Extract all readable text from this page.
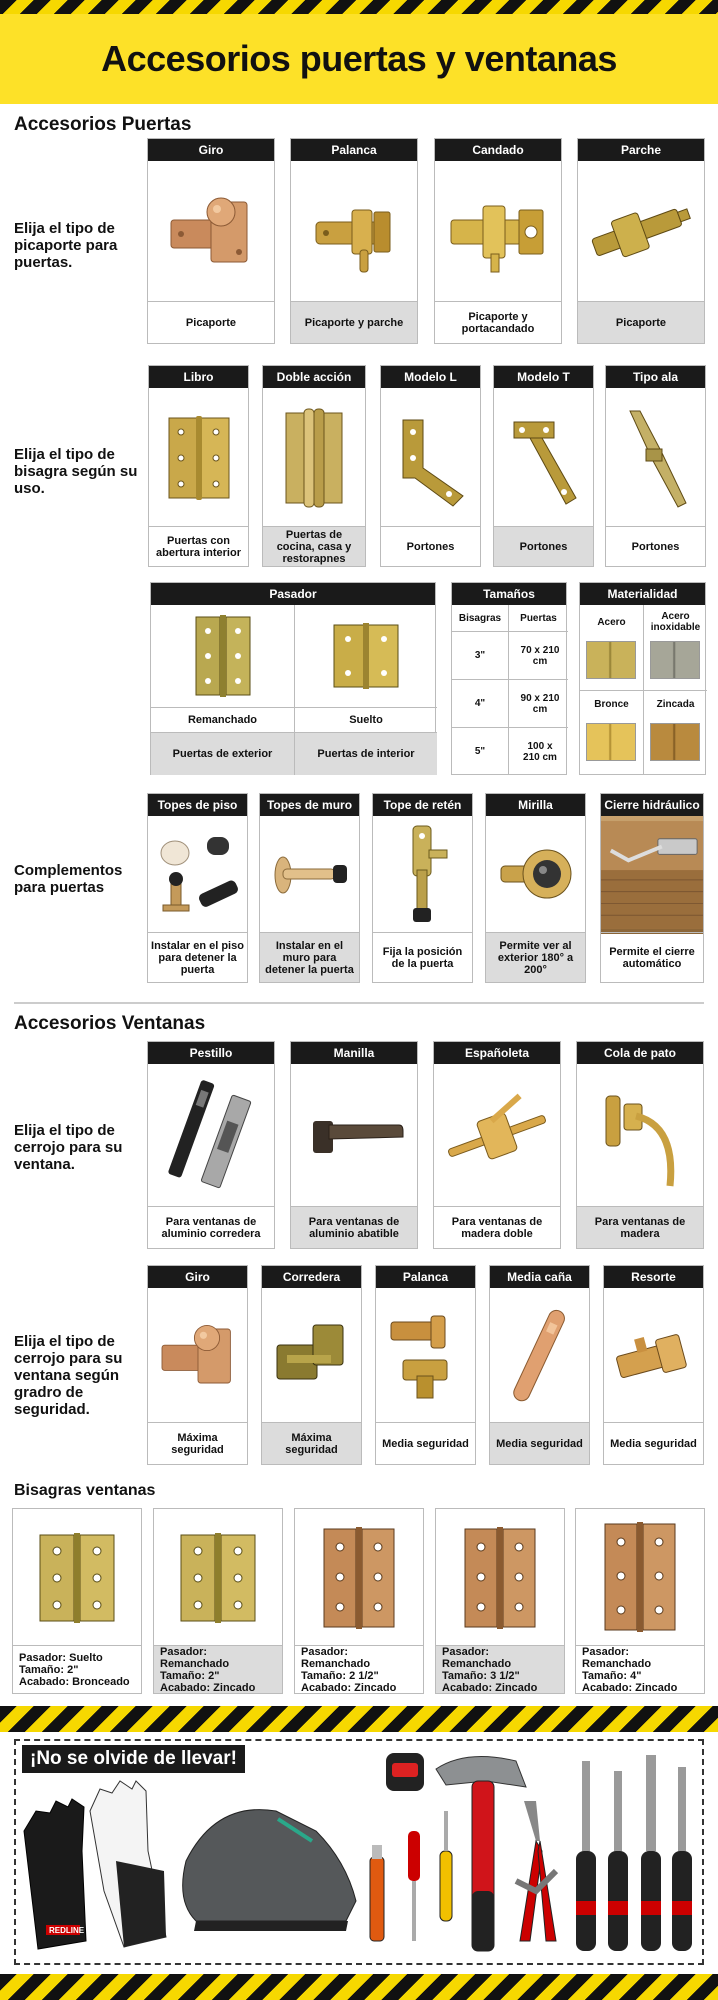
Accesorios puertas y ventanas
Accesorios Puertas
Elija el tipo de picaporte para puertas.
Giro
Picaporte
Palanca
Picaporte y parche
Candado
Picaporte y portacandado
Parche
Picaporte
Elija el tipo de bisagra según su uso.
Libro
Puertas con abertura interior
Doble acción
Puertas de cocina, casa y restorapnes
Modelo L
Portones
Modelo T
Portones
Tipo ala
Portones
Pasador
Remanchado	Suelto
Puertas de exterior	Puertas de interior
Tamaños
Bisagras	Puertas
3"	70 x 210 cm
4"	90 x 210 cm
5"	100 x 210 cm
Materialidad
Acero	Acero inoxidable
Bronce	Zincada
Complementos para puertas
Topes de piso
Instalar en el piso para detener la puerta
Topes de muro
Instalar en el muro para detener la puerta
Tope de retén
Fija la posición de la puerta
Mirilla
Permite ver al exterior 180° a 200°
Cierre hidráulico
Permite el cierre automático
Accesorios Ventanas
Elija el tipo de cerrojo para su ventana.
Pestillo
Para ventanas de aluminio corredera
Manilla
Para ventanas de aluminio abatible
Españoleta
Para ventanas de madera doble
Cola de pato
Para ventanas de madera
Elija el tipo de cerrojo para su ventana según gradro de seguridad.
Giro
Máxima seguridad
Corredera
Máxima seguridad
Palanca
Media seguridad
Media caña
Media seguridad
Resorte
Media seguridad
Bisagras ventanas
Pasador: Suelto
Tamaño: 2"
Acabado: Bronceado
Pasador: Remanchado
Tamaño: 2"
Acabado: Zincado
Pasador: Remanchado
Tamaño: 2 1/2"
Acabado: Zincado
Pasador: Remanchado
Tamaño: 3 1/2"
Acabado: Zincado
Pasador: Remanchado
Tamaño: 4"
Acabado: Zincado
¡No se olvide de llevar!
REDLINE
